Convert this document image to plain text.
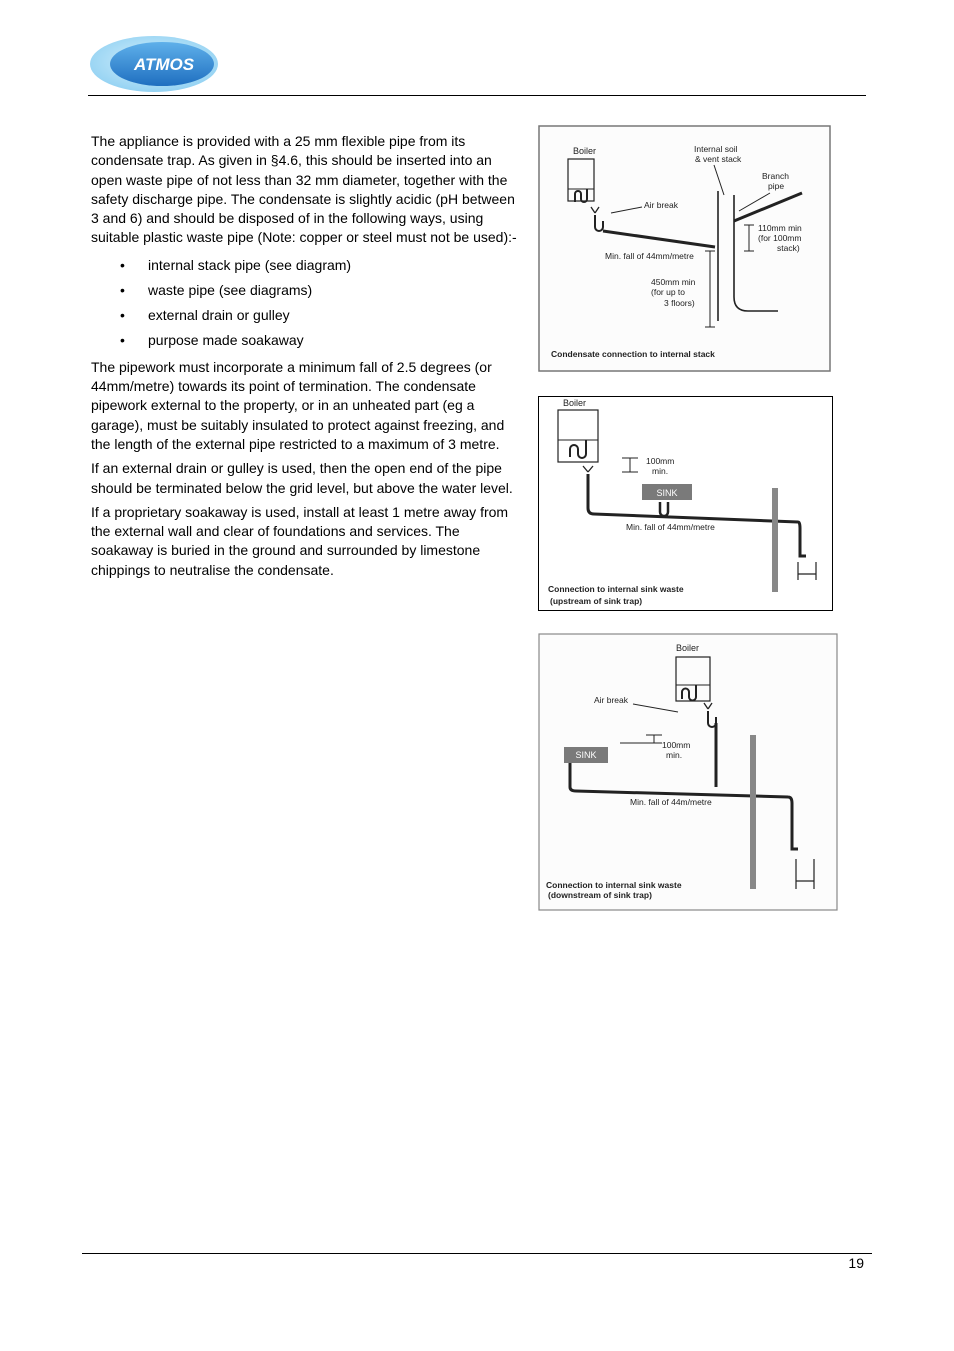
ATMOS

The appliance is provided with a 25 mm flexible pipe from its condensate trap. As given in §4.6, this should be inserted into an open waste pipe of not less than 32 mm diameter, together with the safety discharge pipe. The condensate is slightly acidic (pH between 3 and 6) and should be disposed of in the following ways, using suitable plastic waste pipe (Note: copper or steel must not be used):-

• internal stack pipe (see diagram)
• waste pipe (see diagrams)
• external drain or gulley
• purpose made soakaway

The pipework must incorporate a minimum fall of 2.5 degrees (or 44mm/metre) towards its point of termination. The condensate pipework external to the property, or in an unheated part (eg a garage), must be suitably insulated to protect against freezing, and the length of the external pipe restricted to a maximum of 3 metre.

If an external drain or gulley is used, then the open end of the pipe should be terminated below the grid level, but above the water level.

If a proprietary soakaway is used, install at least 1 metre away from the external wall and clear of foundations and services. The soakaway is buried in the ground and surrounded by limestone chippings to neutralise the condensate.

Boiler	Internal soil
& vent stack
Branch
pipe
Air break
110mm min
(for 100mm
stack)
Min. fall of 44mm/metre
450mm min
(for up to
3 floors)
Condensate connection to internal stack
SINK
Boiler
100mm
min.
Min. fall of 44mm/metre
Connection to internal sink waste
(upstream of sink trap)
SINK
Boiler
Air break
100mm
min.
Min. fall of 44m/metre
Connection to internal sink waste
(downstream of sink trap)
19
